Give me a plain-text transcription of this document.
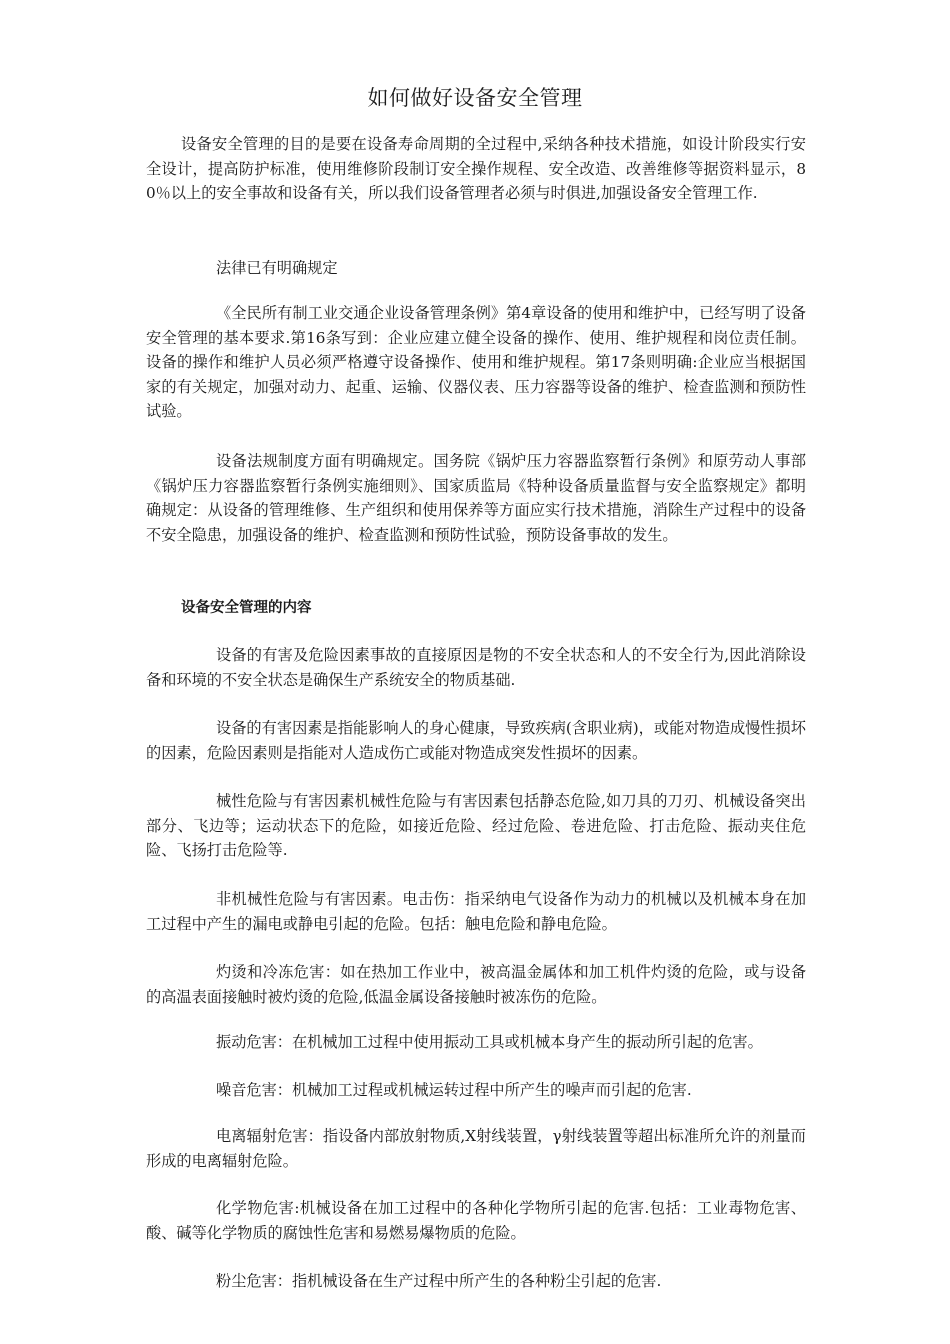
如何做好设备安全管理
设备安全管理的目的是要在设备寿命周期的全过程中,采纳各种技术措施，如设计阶段实行安全设计，提高防护标准，使用维修阶段制订安全操作规程、安全改造、改善维修等据资料显示，80％以上的安全事故和设备有关，所以我们设备管理者必须与时俱进,加强设备安全管理工作.
法律已有明确规定
《全民所有制工业交通企业设备管理条例》第4章设备的使用和维护中，已经写明了设备安全管理的基本要求.第16条写到：企业应建立健全设备的操作、使用、维护规程和岗位责任制。设备的操作和维护人员必须严格遵守设备操作、使用和维护规程。第17条则明确:企业应当根据国家的有关规定，加强对动力、起重、运输、仪器仪表、压力容器等设备的维护、检查监测和预防性试验。
设备法规制度方面有明确规定。国务院《锅炉压力容器监察暂行条例》和原劳动人事部《锅炉压力容器监察暂行条例实施细则》、国家质监局《特种设备质量监督与安全监察规定》都明确规定：从设备的管理维修、生产组织和使用保养等方面应实行技术措施，消除生产过程中的设备不安全隐患，加强设备的维护、检查监测和预防性试验，预防设备事故的发生。
设备安全管理的内容
设备的有害及危险因素事故的直接原因是物的不安全状态和人的不安全行为,因此消除设备和环境的不安全状态是确保生产系统安全的物质基础.
设备的有害因素是指能影响人的身心健康，导致疾病(含职业病)，或能对物造成慢性损坏的因素，危险因素则是指能对人造成伤亡或能对物造成突发性损坏的因素。
械性危险与有害因素机械性危险与有害因素包括静态危险,如刀具的刀刃、机械设备突出部分、飞边等；运动状态下的危险，如接近危险、经过危险、卷进危险、打击危险、振动夹住危险、飞扬打击危险等.
非机械性危险与有害因素。电击伤：指采纳电气设备作为动力的机械以及机械本身在加工过程中产生的漏电或静电引起的危险。包括：触电危险和静电危险。
灼烫和冷冻危害：如在热加工作业中，被高温金属体和加工机件灼烫的危险，或与设备的高温表面接触时被灼烫的危险,低温金属设备接触时被冻伤的危险。
振动危害：在机械加工过程中使用振动工具或机械本身产生的振动所引起的危害。
噪音危害：机械加工过程或机械运转过程中所产生的噪声而引起的危害.
电离辐射危害：指设备内部放射物质,X射线装置，γ射线装置等超出标准所允许的剂量而形成的电离辐射危险。
化学物危害:机械设备在加工过程中的各种化学物所引起的危害.包括：工业毒物危害、酸、碱等化学物质的腐蚀性危害和易燃易爆物质的危险。
粉尘危害：指机械设备在生产过程中所产生的各种粉尘引起的危害.
